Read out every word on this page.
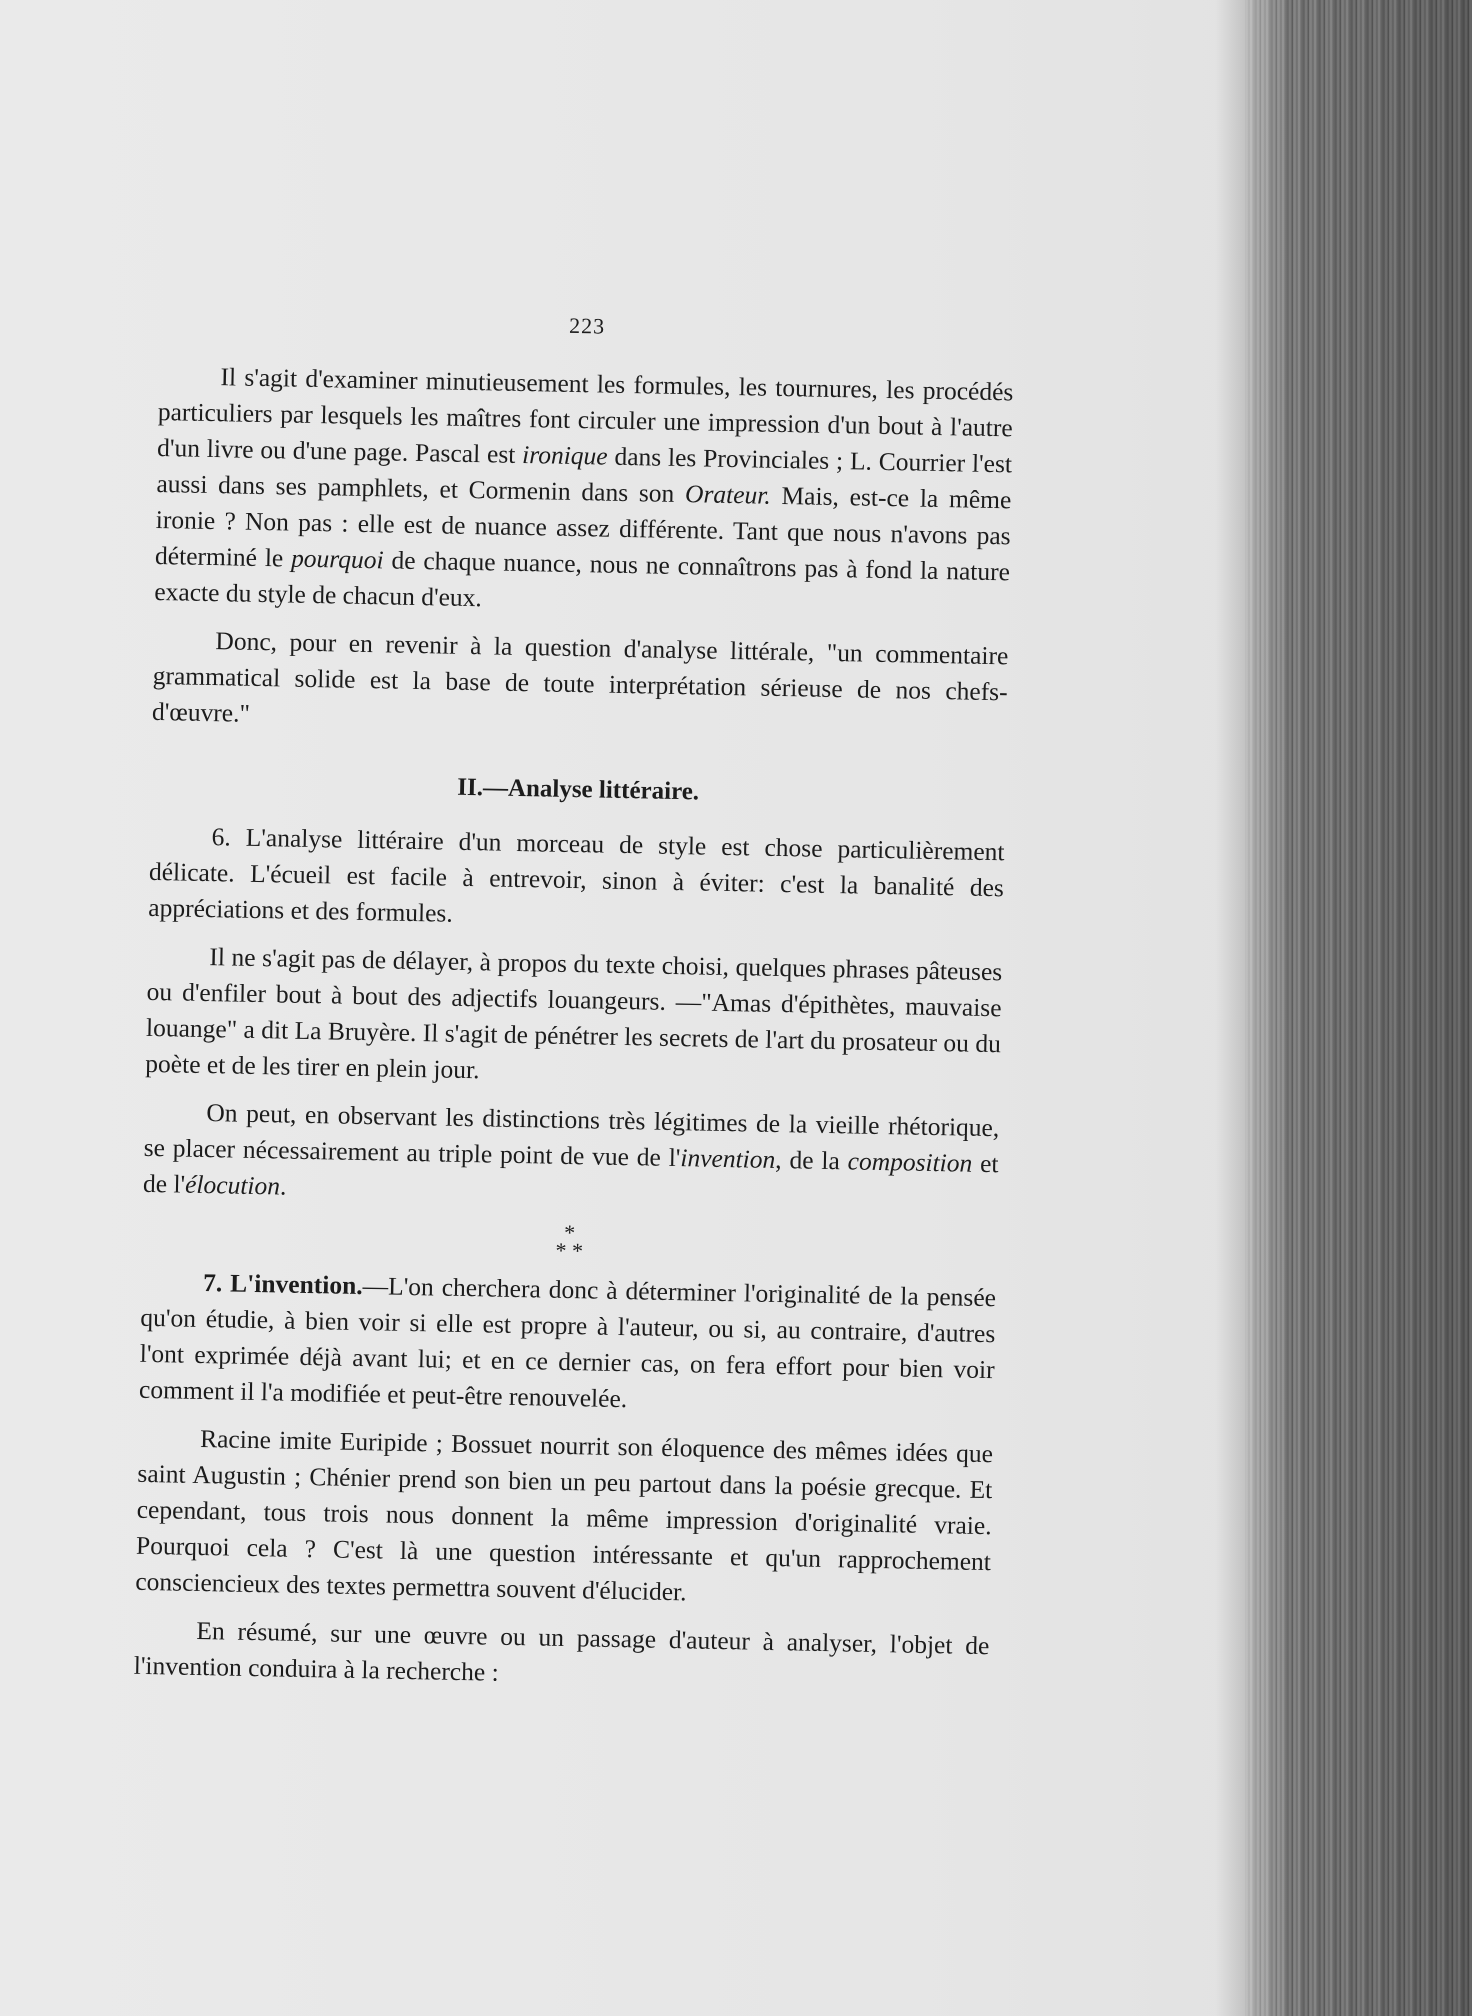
223

Il s'agit d'examiner minutieusement les formules, les tournures, les procédés particuliers par lesquels les maîtres font circuler une impression d'un bout à l'autre d'un livre ou d'une page. Pascal est ironique dans les Provinciales ; L. Courrier l'est aussi dans ses pamphlets, et Cormenin dans son Orateur. Mais, est-ce la même ironie ? Non pas : elle est de nuance assez différente. Tant que nous n'avons pas déterminé le pourquoi de chaque nuance, nous ne connaîtrons pas à fond la nature exacte du style de chacun d'eux.

Donc, pour en revenir à la question d'analyse littérale, "un commentaire grammatical solide est la base de toute interprétation sérieuse de nos chefs-d'œuvre."

II.—Analyse littéraire.

6. L'analyse littéraire d'un morceau de style est chose particulièrement délicate. L'écueil est facile à entrevoir, sinon à éviter: c'est la banalité des appréciations et des formules.

Il ne s'agit pas de délayer, à propos du texte choisi, quelques phrases pâteuses ou d'enfiler bout à bout des adjectifs louangeurs. —"Amas d'épithètes, mauvaise louange" a dit La Bruyère. Il s'agit de pénétrer les secrets de l'art du prosateur ou du poète et de les tirer en plein jour.

On peut, en observant les distinctions très légitimes de la vieille rhétorique, se placer nécessairement au triple point de vue de l'invention, de la composition et de l'élocution.

*
* *

7. L'invention.—L'on cherchera donc à déterminer l'originalité de la pensée qu'on étudie, à bien voir si elle est propre à l'auteur, ou si, au contraire, d'autres l'ont exprimée déjà avant lui; et en ce dernier cas, on fera effort pour bien voir comment il l'a modifiée et peut-être renouvelée.

Racine imite Euripide ; Bossuet nourrit son éloquence des mêmes idées que saint Augustin ; Chénier prend son bien un peu partout dans la poésie grecque. Et cependant, tous trois nous donnent la même impression d'originalité vraie. Pourquoi cela ? C'est là une question intéressante et qu'un rapprochement consciencieux des textes permettra souvent d'élucider.

En résumé, sur une œuvre ou un passage d'auteur à analyser, l'objet de l'invention conduira à la recherche :
